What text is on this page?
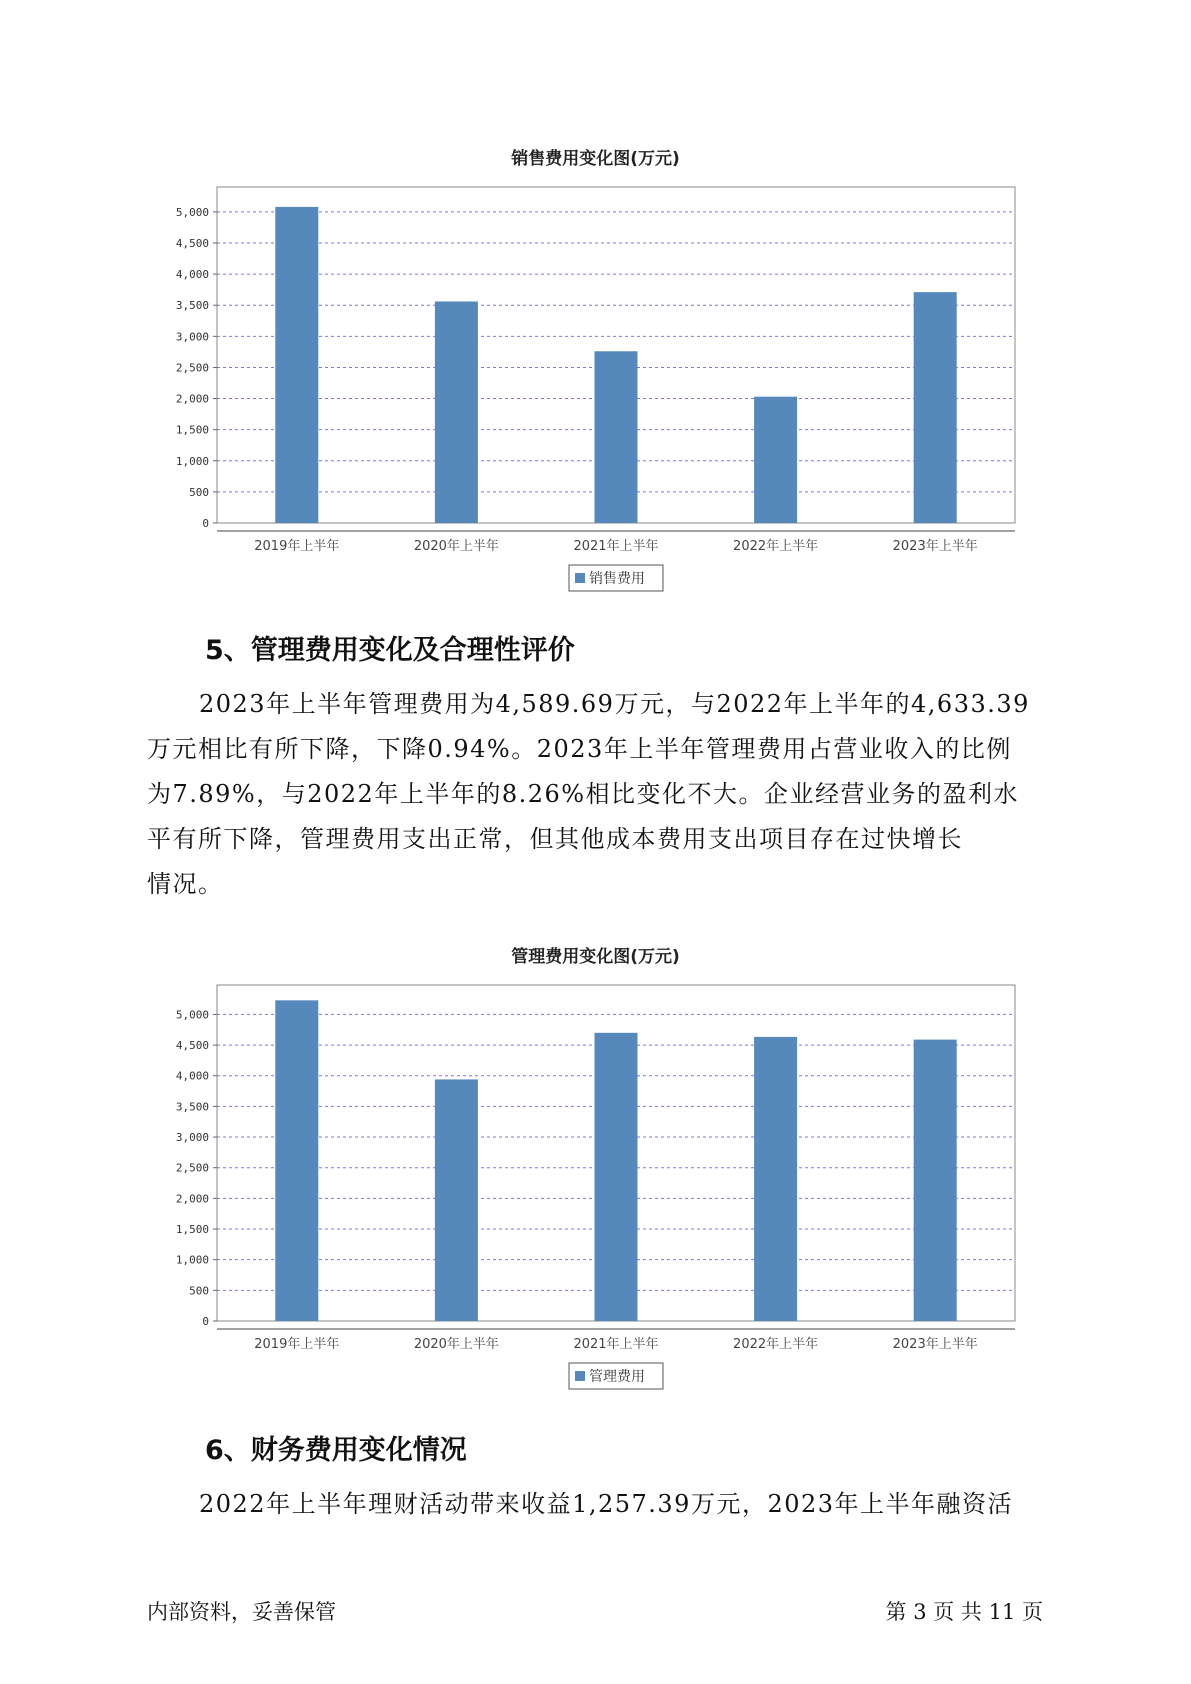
销售费用变化图(万元)
0
500
1,000
1,500
2,000
2,500
3,000
3,500
4,000
4,500
5,000
2019年上半年	2020年上半年	2021年上半年	2022年上半年	2023年上半年
销售费用
5、管理费用变化及合理性评价
2023年上半年管理费用为4,589.69万元，与2022年上半年的4,633.39
万元相比有所下降，下降0.94%。2023年上半年管理费用占营业收入的比例
为7.89%，与2022年上半年的8.26%相比变化不大。企业经营业务的盈利水
平有所下降，管理费用支出正常，但其他成本费用支出项目存在过快增长
情况。
管理费用变化图(万元)
0
500
1,000
1,500
2,000
2,500
3,000
3,500
4,000
4,500
5,000
2019年上半年	2020年上半年	2021年上半年	2022年上半年	2023年上半年
管理费用
6、财务费用变化情况
2022年上半年理财活动带来收益1,257.39万元，2023年上半年融资活
内部资料，妥善保管	第 3 页 共 11 页
